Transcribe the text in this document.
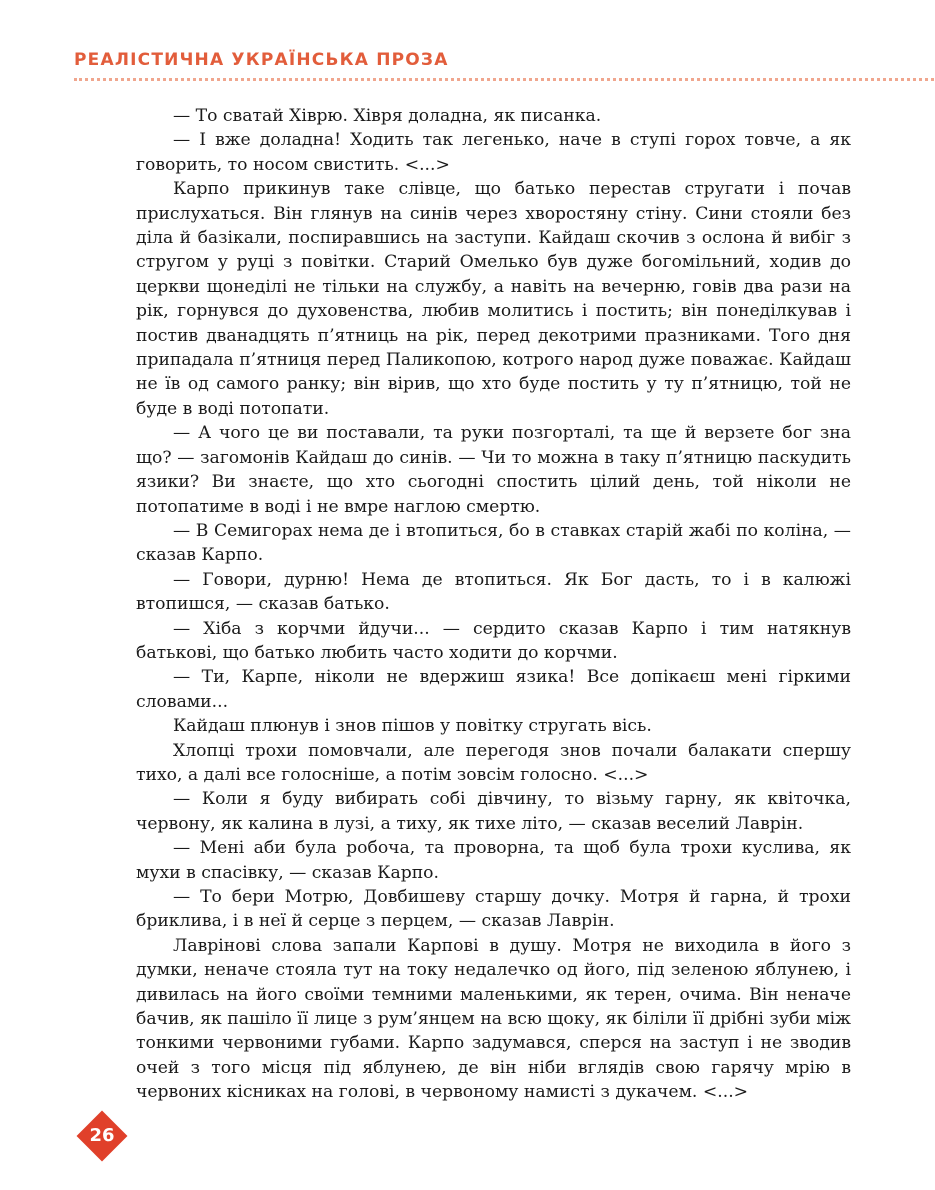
РЕАЛІСТИЧНА УКРАЇНСЬКА ПРОЗА

— То сватай Хіврю. Хівря доладна, як писанка.

— І вже доладна! Ходить так легенько, наче в ступі горох товче, а як говорить, то носом свистить. <...>

Карпо прикинув таке слівце, що батько перестав стругати і почав прислухаться. Він глянув на синів через хворостяну стіну. Сини стояли без діла й базікали, поспиравшись на заступи. Кайдаш скочив з ослона й вибіг з стругом у руці з повітки. Старий Омелько був дуже богомільний, ходив до церкви щонеділі не тільки на службу, а навіть на вечерню, говів два рази на рік, горнувся до духовенства, любив молитись і постить; він понеділкував і постив дванадцять п’ятниць на рік, перед декотрими празниками. Того дня припадала п’ятниця перед Паликопою, котрого народ дуже поважає. Кайдаш не їв од самого ранку; він вірив, що хто буде постить у ту п’ятницю, той не буде в воді потопати.

— А чого це ви поставали, та руки позгорталі, та ще й верзете бог зна що? — загомонів Кайдаш до синів. — Чи то можна в таку п’ятницю паскудить язики? Ви знаєте, що хто сьогодні спостить цілий день, той ніколи не потопатиме в воді і не вмре наглою смертю.

— В Семигорах нема де і втопиться, бо в ставках старій жабі по коліна, — сказав Карпо.

— Говори, дурню! Нема де втопиться. Як Бог дасть, то і в калюжі втопишся, — сказав батько.

— Хіба з корчми йдучи... — сердито сказав Карпо і тим натякнув батькові, що батько любить часто ходити до корчми.

— Ти, Карпе, ніколи не вдержиш язика! Все допікаєш мені гіркими словами...

Кайдаш плюнув і знов пішов у повітку стругать вісь.

Хлопці трохи помовчали, але перегодя знов почали балакати спершу тихо, а далі все голосніше, а потім зовсім голосно. <...>

— Коли я буду вибирать собі дівчину, то візьму гарну, як квіточка, червону, як калина в лузі, а тиху, як тихе літо, — сказав веселий Лаврін.

— Мені аби була робоча, та проворна, та щоб була трохи куслива, як мухи в спасівку, — сказав Карпо.

— То бери Мотрю, Довбишеву старшу дочку. Мотря й гарна, й трохи бриклива, і в неї й серце з перцем, — сказав Лаврін.

Лаврінові слова запали Карпові в душу. Мотря не виходила в його з думки, неначе стояла тут на току недалечко од його, під зеленою яблунею, і дивилась на його своїми темними маленькими, як терен, очима. Він неначе бачив, як пашіло її лице з рум’янцем на всю щоку, як біліли її дрібні зуби між тонкими червоними губами. Карпо задумався, сперся на заступ і не зводив очей з того місця під яблунею, де він ніби вглядів свою гарячу мрію в червоних кісниках на голові, в червоному намисті з дукачем. <...>

26
